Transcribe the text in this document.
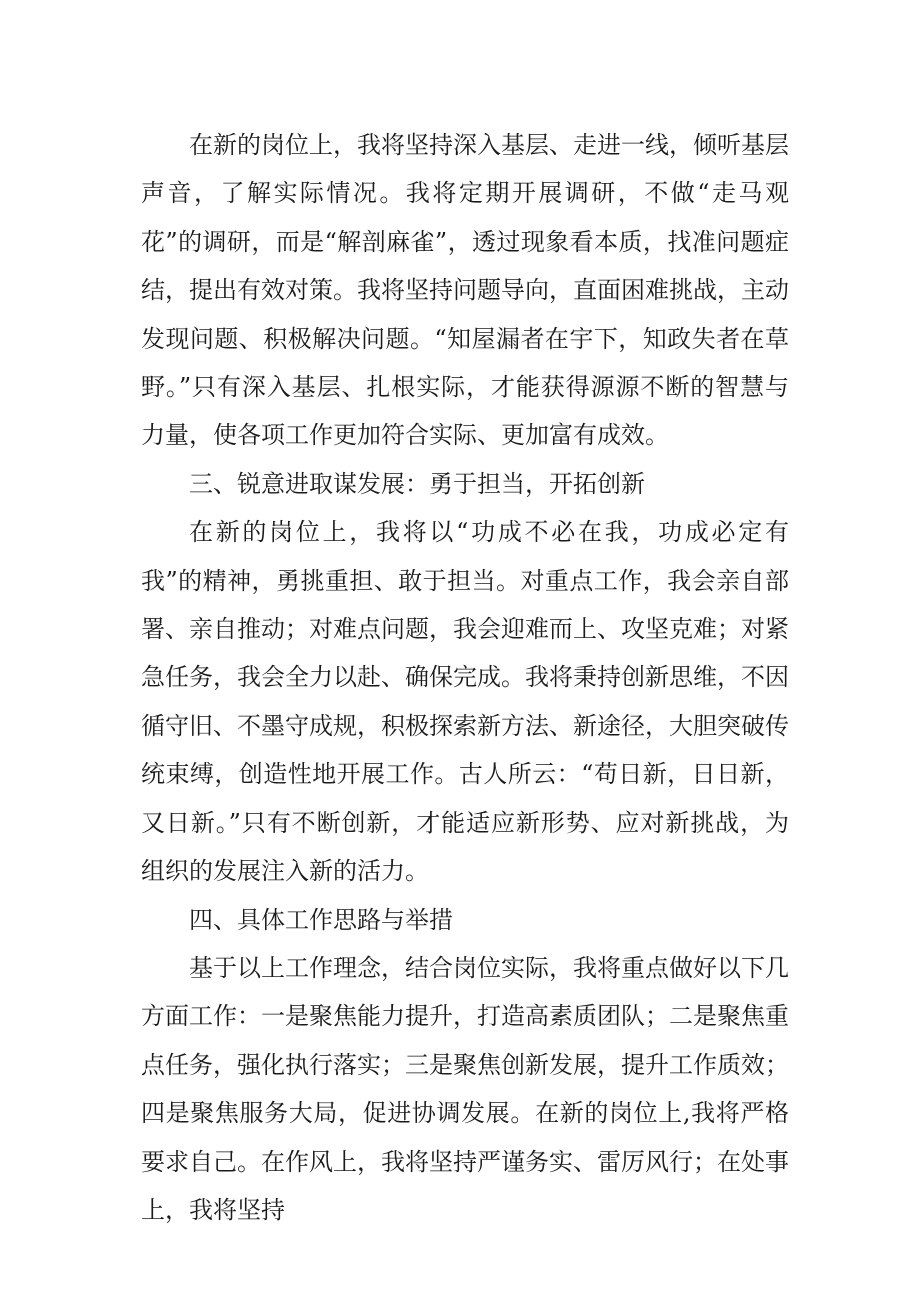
在新的岗位上，我将坚持深入基层、走进一线，倾听基层声音，了解实际情况。我将定期开展调研，不做“走马观花”的调研，而是“解剖麻雀”，透过现象看本质，找准问题症结，提出有效对策。我将坚持问题导向，直面困难挑战，主动发现问题、积极解决问题。“知屋漏者在宇下，知政失者在草野。”只有深入基层、扎根实际，才能获得源源不断的智慧与力量，使各项工作更加符合实际、更加富有成效。

三、锐意进取谋发展：勇于担当，开拓创新

在新的岗位上，我将以“功成不必在我，功成必定有我”的精神，勇挑重担、敢于担当。对重点工作，我会亲自部署、亲自推动；对难点问题，我会迎难而上、攻坚克难；对紧急任务，我会全力以赴、确保完成。我将秉持创新思维，不因循守旧、不墨守成规，积极探索新方法、新途径，大胆突破传统束缚，创造性地开展工作。古人所云：“苟日新，日日新，又日新。”只有不断创新，才能适应新形势、应对新挑战，为组织的发展注入新的活力。

四、具体工作思路与举措

基于以上工作理念，结合岗位实际，我将重点做好以下几方面工作：一是聚焦能力提升，打造高素质团队；二是聚焦重点任务，强化执行落实；三是聚焦创新发展，提升工作质效；四是聚焦服务大局，促进协调发展。在新的岗位上,我将严格要求自己。在作风上，我将坚持严谨务实、雷厉风行；在处事上，我将坚持
